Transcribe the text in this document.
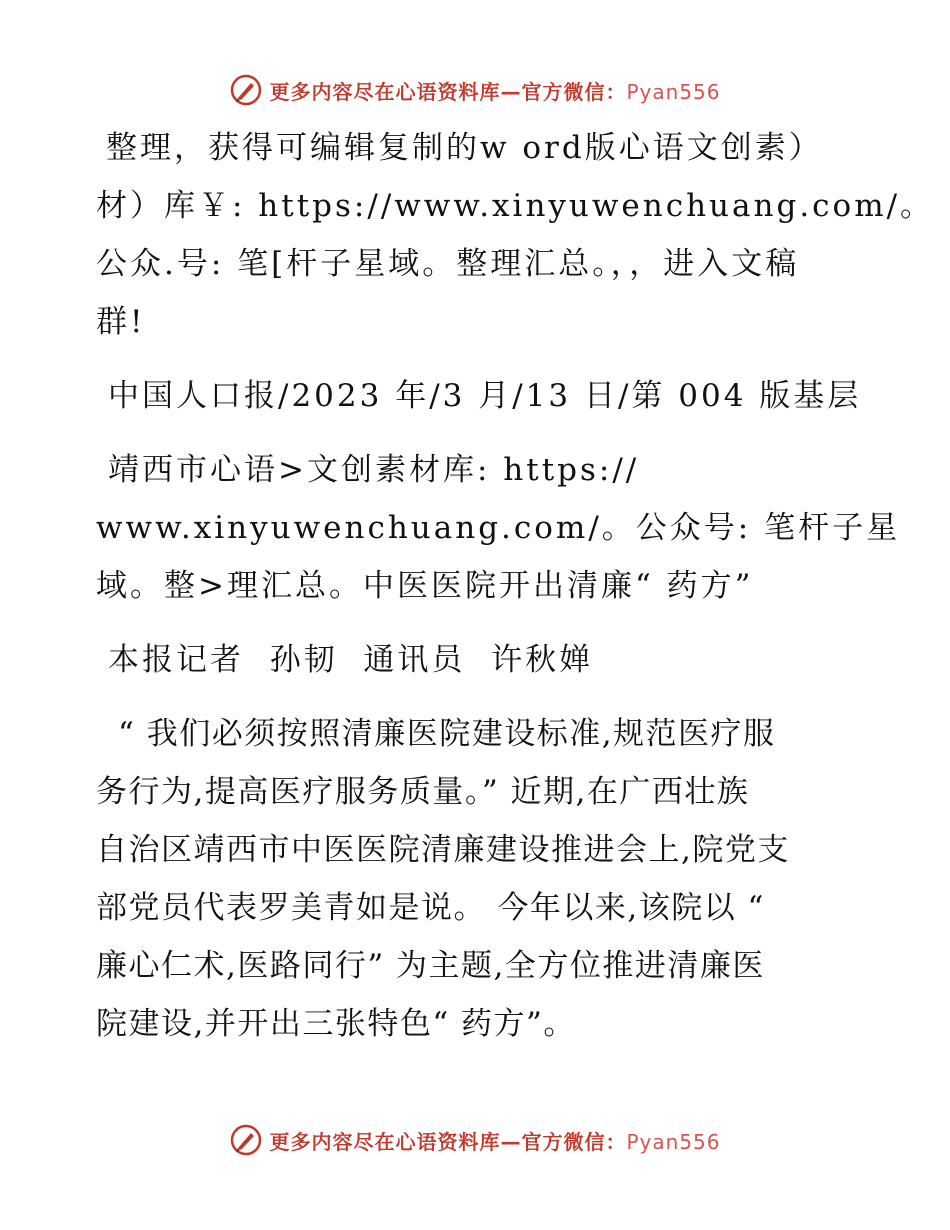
更多内容尽在心语资料库—官方微信：Pyan556
整理，获得可编辑复制的w ord版心语文创素）
材）库￥: https://www.xinyuwenchuang.com/。
公众.号: 笔[杆子星域。整理汇总。，，进入文稿
群!
中国人口报/2023 年/3 月/13 日/第 004 版基层
靖西市心语>文创素材库: https://
www.xinyuwenchuang.com/。公众号: 笔杆子星
域。整>理汇总。中医医院开出清廉“ 药方”
本报记者  孙韧  通讯员  许秋婵
“ 我们必须按照清廉医院建设标准,规范医疗服
务行为,提高医疗服务质量。” 近期,在广西壮族
自治区靖西市中医医院清廉建设推进会上,院党支
部党员代表罗美青如是说。 今年以来,该院以 “
廉心仁术,医路同行” 为主题,全方位推进清廉医
院建设,并开出三张特色“ 药方”。
更多内容尽在心语资料库—官方微信：Pyan556
